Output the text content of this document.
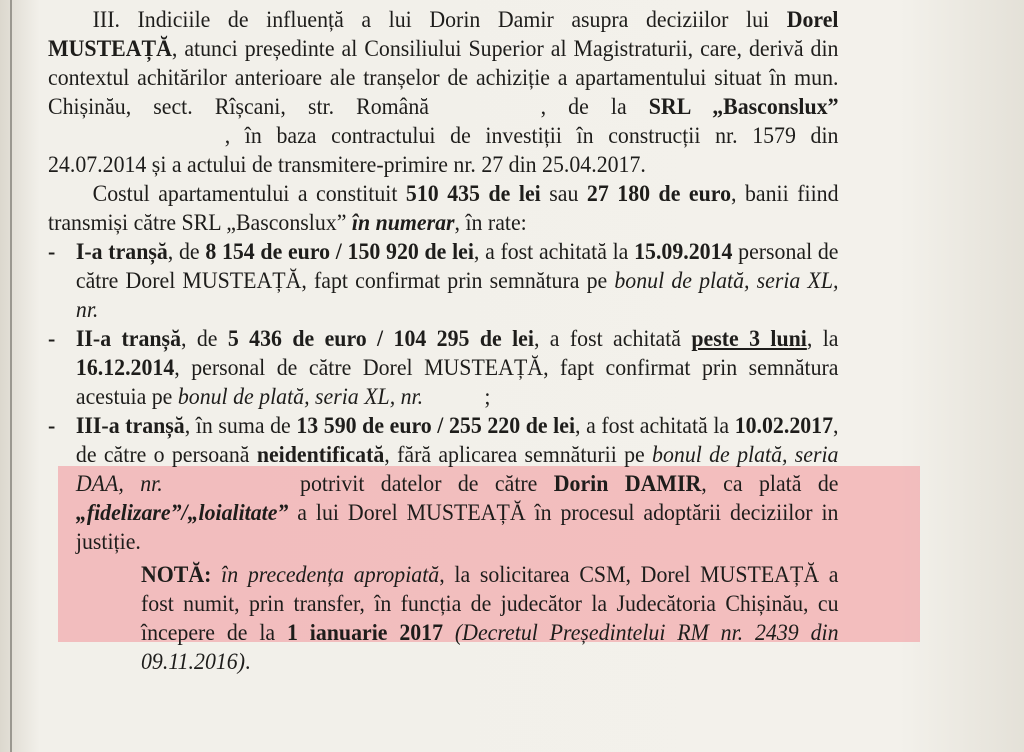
III. Indiciile de influență a lui Dorin Damir asupra deciziilor lui Dorel MUSTEAȚĂ, atunci președinte al Consiliului Superior al Magistraturii, care, derivă din contextul achitărilor anterioare ale tranșelor de achiziție a apartamentului situat în mun. Chișinău, sect. Rîșcani, str. Română	, de la SRL „Basconslux”, în baza contractului de investiții în construcții nr. 1579 din 24.07.2014 și a actului de transmitere-primire nr. 27 din 25.04.2017.

Costul apartamentului a constituit 510 435 de lei sau 27 180 de euro, banii fiind transmiși către SRL „Basconslux” în numerar, în rate:

- I-a tranșă, de 8 154 de euro / 150 920 de lei, a fost achitată la 15.09.2014 personal de către Dorel MUSTEAȚĂ, fapt confirmat prin semnătura pe bonul de plată, seria XL, nr.
- II-a tranșă, de 5 436 de euro / 104 295 de lei, a fost achitată peste 3 luni, la 16.12.2014, personal de către Dorel MUSTEAȚĂ, fapt confirmat prin semnătura acestuia pe bonul de plată, seria XL, nr. ;
- III-a tranșă, în suma de 13 590 de euro / 255 220 de lei, a fost achitată la 10.02.2017, de către o persoană neidentificată, fără aplicarea semnăturii pe bonul de plată, seria DAA, nr.	potrivit datelor de către Dorin DAMIR, ca plată de „fidelizare”/„loialitate” a lui Dorel MUSTEAȚĂ în procesul adoptării deciziilor in justiție.

NOTĂ: în precedența apropiată, la solicitarea CSM, Dorel MUSTEAȚĂ a fost numit, prin transfer, în funcția de judecător la Judecătoria Chișinău, cu începere de la 1 ianuarie 2017 (Decretul Președintelui RM nr. 2439 din 09.11.2016).
